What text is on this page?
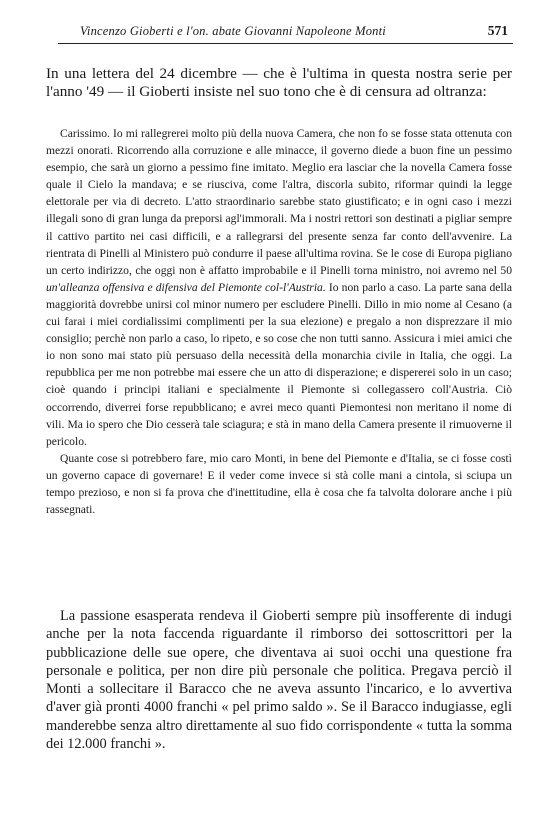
Vincenzo Gioberti e l'on. abate Giovanni Napoleone Monti	571
In una lettera del 24 dicembre — che è l'ultima in questa nostra serie per l'anno '49 — il Gioberti insiste nel suo tono che è di censura ad oltranza:

Carissimo. Io mi rallegrerei molto più della nuova Camera, che non fo se fosse stata ottenuta con mezzi onorati. Ricorrendo alla corruzione e alle minacce, il governo diede a buon fine un pessimo esempio, che sarà un giorno a pessimo fine imitato. Meglio era lasciar che la novella Camera fosse quale il Cielo la mandava; e se riusciva, come l'altra, discorla subito, riformar quindi la legge elettorale per via di decreto. L'atto straordinario sarebbe stato giustificato; e in ogni caso i mezzi illegali sono di gran lunga da preporsi agl'immorali. Ma i nostri rettori son destinati a pigliar sempre il cattivo partito nei casi difficili, e a rallegrarsi del presente senza far conto dell'avvenire. La rientrata di Pinelli al Ministero può condurre il paese all'ultima rovina. Se le cose di Europa pigliano un certo indirizzo, che oggi non è affatto improbabile e il Pinelli torna ministro, noi avremo nel 50 un'alleanza offensiva e difensiva del Piemonte col-l'Austria. Io non parlo a caso. La parte sana della maggiorità dovrebbe unirsi col minor numero per escludere Pinelli. Dillo in mio nome al Cesano (a cui farai i miei cordialissimi complimenti per la sua elezione) e pregalo a non disprezzare il mio consiglio; perchè non parlo a caso, lo ripeto, e so cose che non tutti sanno. Assicura i miei amici che io non sono mai stato più persuaso della necessità della monarchia civile in Italia, che oggi. La repubblica per me non potrebbe mai essere che un atto di disperazione; e dispererei solo in un caso; cioè quando i principi italiani e specialmente il Piemonte si collegassero coll'Austria. Ciò occorrendo, diverrei forse repubblicano; e avrei meco quanti Piemontesi non meritano il nome di vili. Ma io spero che Dio cesserà tale sciagura; e stà in mano della Camera presente il rimuoverne il pericolo.

Quante cose si potrebbero fare, mio caro Monti, in bene del Piemonte e d'Italia, se ci fosse costì un governo capace di governare! E il veder come invece si stà colle mani a cintola, si sciupa un tempo prezioso, e non si fa prova che d'inettitudine, ella è cosa che fa talvolta dolorare anche i più rassegnati.

La passione esasperata rendeva il Gioberti sempre più insofferente di indugi anche per la nota faccenda riguardante il rimborso dei sottoscrittori per la pubblicazione delle sue opere, che diventava ai suoi occhi una questione fra personale e politica, per non dire più personale che politica. Pregava perciò il Monti a sollecitare il Baracco che ne aveva assunto l'incarico, e lo avvertiva d'aver già pronti 4000 franchi « pel primo saldo ». Se il Baracco indugiasse, egli manderebbe senza altro direttamente al suo fido corrispondente « tutta la somma dei 12.000 franchi ».
